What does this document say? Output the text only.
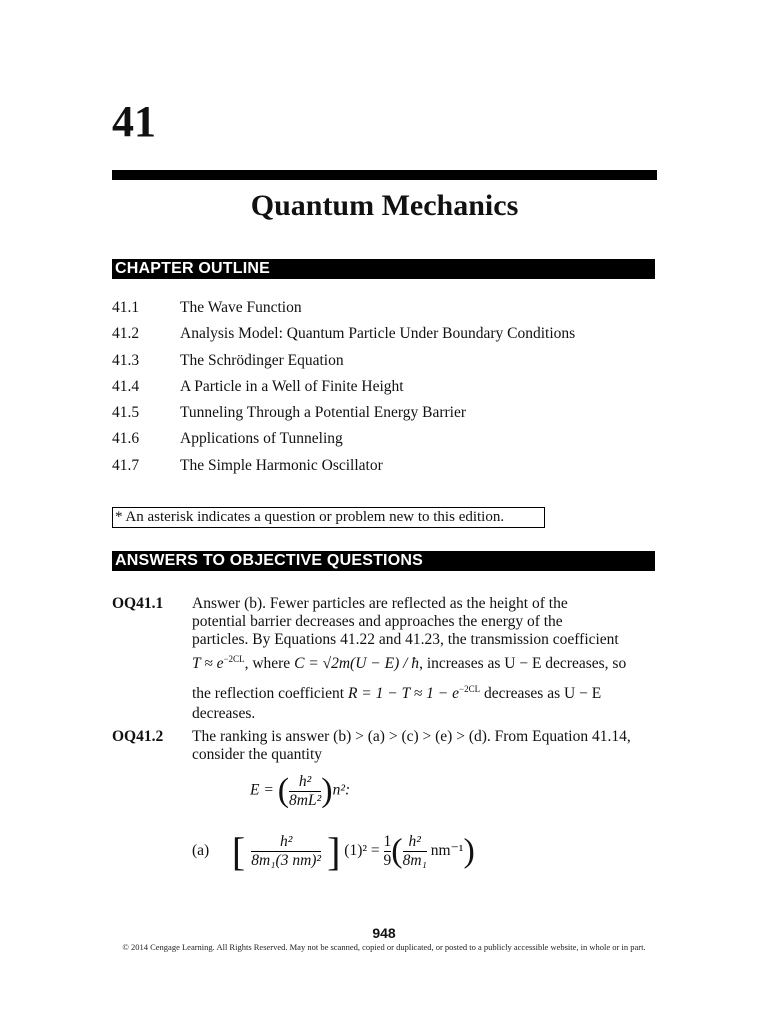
41
Quantum Mechanics
CHAPTER OUTLINE
41.1	The Wave Function
41.2	Analysis Model: Quantum Particle Under Boundary Conditions
41.3	The Schrödinger Equation
41.4	A Particle in a Well of Finite Height
41.5	Tunneling Through a Potential Energy Barrier
41.6	Applications of Tunneling
41.7	The Simple Harmonic Oscillator
* An asterisk indicates a question or problem new to this edition.
ANSWERS TO OBJECTIVE QUESTIONS
OQ41.1 Answer (b). Fewer particles are reflected as the height of the
potential barrier decreases and approaches the energy of the
particles. By Equations 41.22 and 41.23, the transmission coefficient
$T \approx e^{-2CL}$, where C = √2m(U − E) / ħ, increases as U − E decreases, so
the reflection coefficient $R = 1 - T \approx 1 - e^{-2CL}$ decreases as U − E
decreases.
OQ41.2 The ranking is answer (b) > (a) > (c) > (e) > (d). From Equation 41.14,
consider the quantity
E = ( $\frac{\text{h²}}{\text{8mL²}} )n^2$:
(a) [ $\frac{\text{h²}}{\text{8m₁(3 nm)²}}$ ] $(1)^2 = \frac{1}{9}$ ( $\frac{\text{h²}}{\text{8m₁}} nm^{-1}$)
948
© 2014 Cengage Learning. All Rights Reserved. May not be scanned, copied or duplicated, or posted to a publicly accessible website, in whole or in part.
